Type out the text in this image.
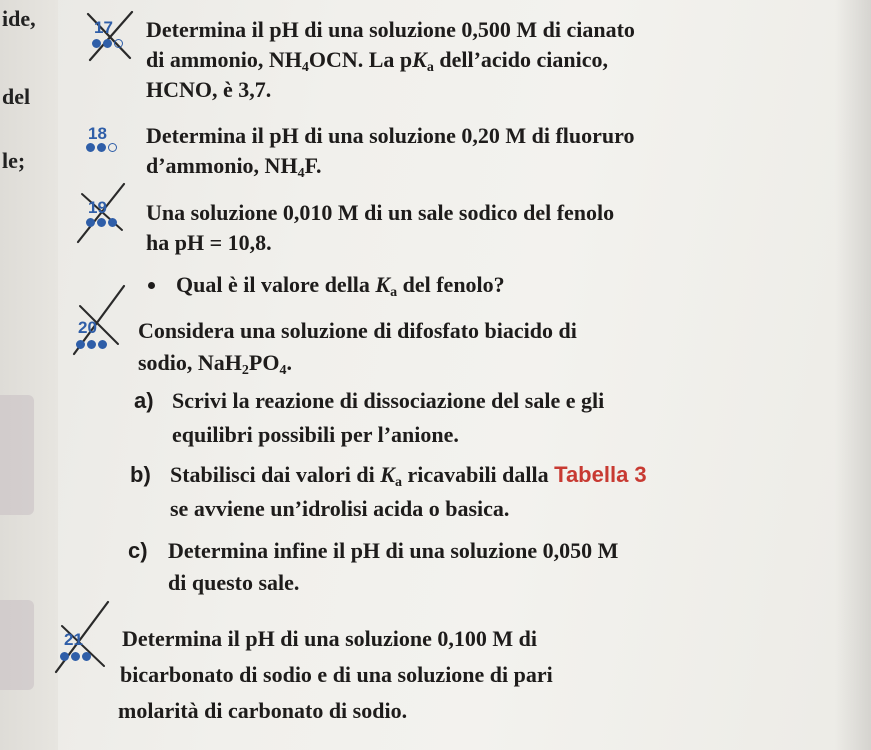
ide,
del
le;
17 Determina il pH di una soluzione 0,500 M di cianato
di ammonio, $NH_4OCN$. La $pK_a$ dell’acido cianico,
HCNO, è 3,7.
18 Determina il pH di una soluzione 0,20 M di fluoruro
d’ammonio, $NH_4F$.
19 Una soluzione 0,010 M di un sale sodico del fenolo
ha pH = 10,8.
Qual è il valore della $K_a$ del fenolo?
20 Considera una soluzione di difosfato biacido di
sodio, $NaH_2PO_4$.
a) Scrivi la reazione di dissociazione del sale e gli
equilibri possibili per l’anione.
b) Stabilisci dai valori di $K_a$ ricavabili dalla Tabella 3
se avviene un’idrolisi acida o basica.
c) Determina infine il pH di una soluzione 0,050 M
di questo sale.
21 Determina il pH di una soluzione 0,100 M di
bicarbonato di sodio e di una soluzione di pari
molarità di carbonato di sodio.
